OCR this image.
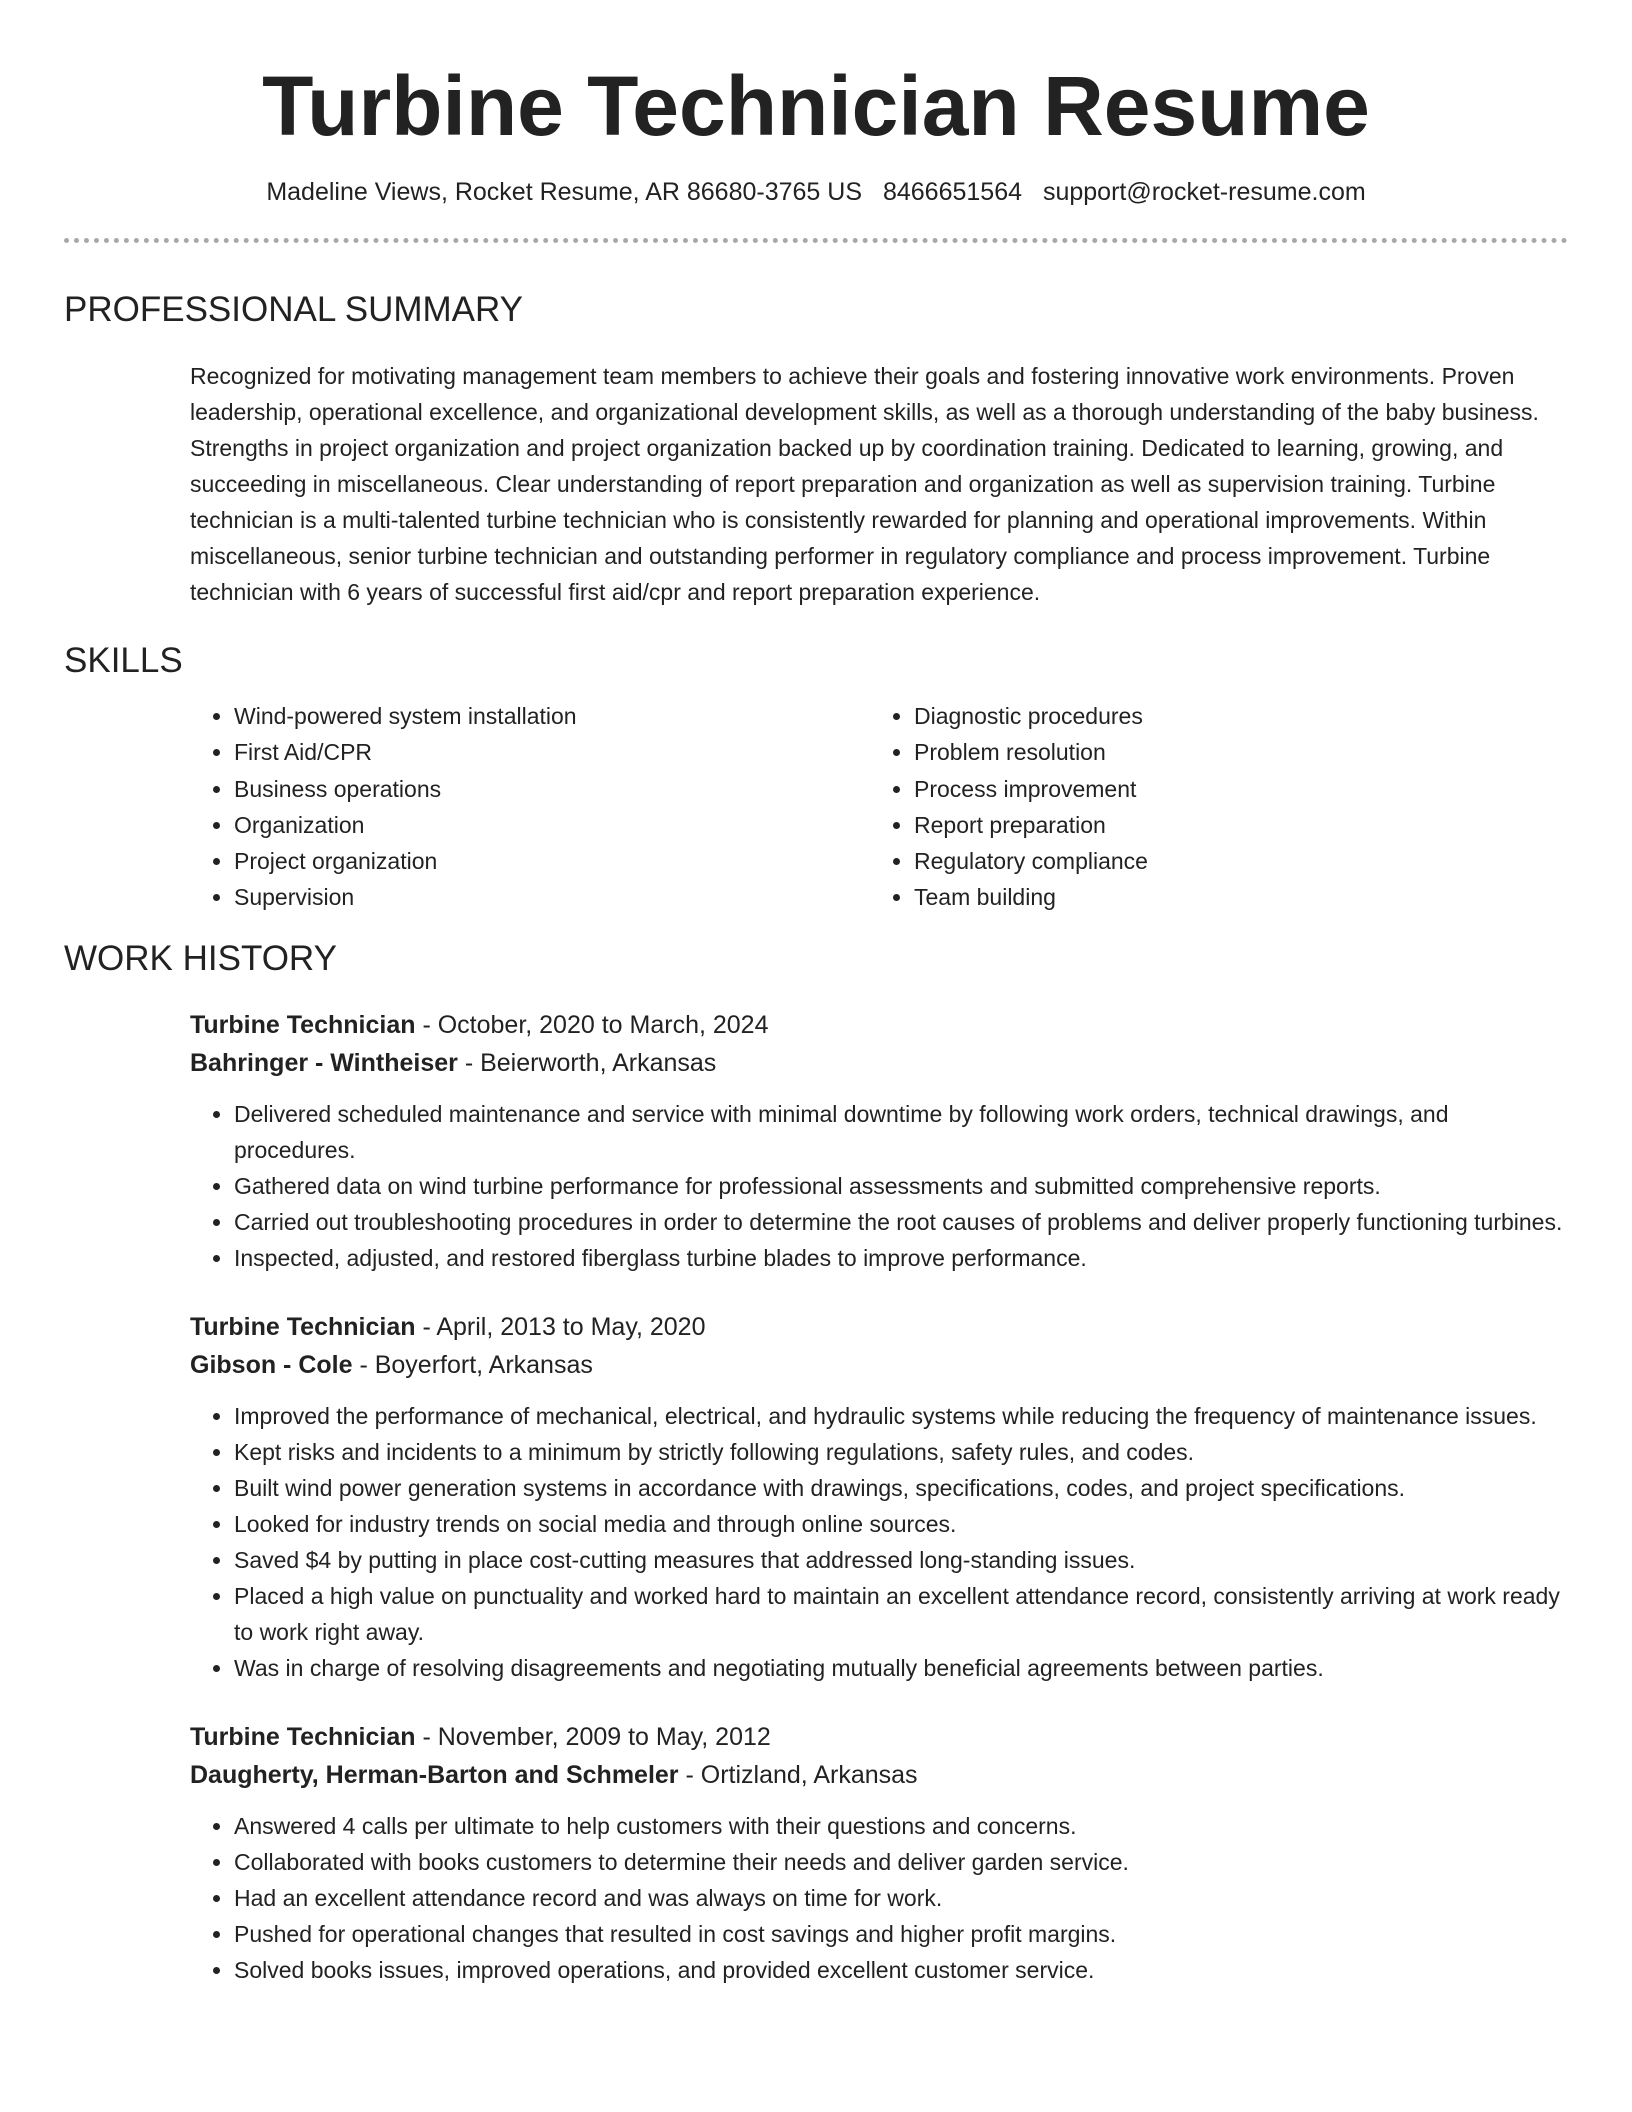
Turbine Technician Resume
Madeline Views, Rocket Resume, AR 86680-3765 US 8466651564 support@rocket-resume.com
PROFESSIONAL SUMMARY
Recognized for motivating management team members to achieve their goals and fostering innovative work environments. Proven leadership, operational excellence, and organizational development skills, as well as a thorough understanding of the baby business. Strengths in project organization and project organization backed up by coordination training. Dedicated to learning, growing, and succeeding in miscellaneous. Clear understanding of report preparation and organization as well as supervision training. Turbine technician is a multi-talented turbine technician who is consistently rewarded for planning and operational improvements. Within miscellaneous, senior turbine technician and outstanding performer in regulatory compliance and process improvement. Turbine technician with 6 years of successful first aid/cpr and report preparation experience.
SKILLS
• Wind-powered system installation
• First Aid/CPR
• Business operations
• Organization
• Project organization
• Supervision
• Diagnostic procedures
• Problem resolution
• Process improvement
• Report preparation
• Regulatory compliance
• Team building
WORK HISTORY
Turbine Technician - October, 2020 to March, 2024
Bahringer - Wintheiser - Beierworth, Arkansas
• Delivered scheduled maintenance and service with minimal downtime by following work orders, technical drawings, and procedures.
• Gathered data on wind turbine performance for professional assessments and submitted comprehensive reports.
• Carried out troubleshooting procedures in order to determine the root causes of problems and deliver properly functioning turbines.
• Inspected, adjusted, and restored fiberglass turbine blades to improve performance.
Turbine Technician - April, 2013 to May, 2020
Gibson - Cole - Boyerfort, Arkansas
• Improved the performance of mechanical, electrical, and hydraulic systems while reducing the frequency of maintenance issues.
• Kept risks and incidents to a minimum by strictly following regulations, safety rules, and codes.
• Built wind power generation systems in accordance with drawings, specifications, codes, and project specifications.
• Looked for industry trends on social media and through online sources.
• Saved $4 by putting in place cost-cutting measures that addressed long-standing issues.
• Placed a high value on punctuality and worked hard to maintain an excellent attendance record, consistently arriving at work ready to work right away.
• Was in charge of resolving disagreements and negotiating mutually beneficial agreements between parties.
Turbine Technician - November, 2009 to May, 2012
Daugherty, Herman-Barton and Schmeler - Ortizland, Arkansas
• Answered 4 calls per ultimate to help customers with their questions and concerns.
• Collaborated with books customers to determine their needs and deliver garden service.
• Had an excellent attendance record and was always on time for work.
• Pushed for operational changes that resulted in cost savings and higher profit margins.
• Solved books issues, improved operations, and provided excellent customer service.
